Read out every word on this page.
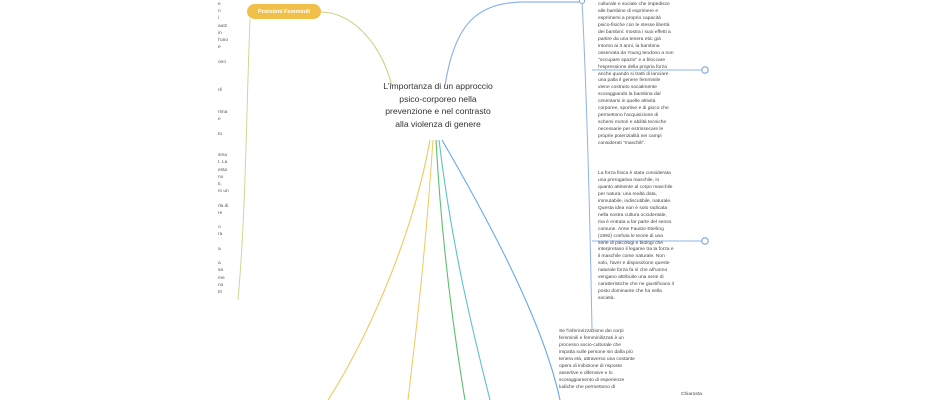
Posizioni Femminili
L'importanza di un approccio psico-corporeo nella prevenzione e nel contrasto alla violenza di genere
culturale e sociale che impedisce
alle bambine di esprimere e
esprimersi a proprio capacità
psico-fisiche con le stesse libertà
dei bambini: mostra i suoi effetti a
partire da una tenera età: già
intorno ai 3 anni, la bambina
osservata da Young tendono a non
"occupare spazio" e a bloccare
l'espressione della propria forza
anche quando si tratti di lanciare
una palla il genere femminile
viene costruito socialmente
scoraggiando la bambina dal
cimentarsi in quelle attività
corporee, sportive e di gioco che
permettono l'acquisizione di
schemi motori e abilità tecniche
necessarie per estrinsecare le
proprie potenzialità nei campi
considerati "maschili".
La forza fisica è stata considerata
una prerogativa maschile, in
quanto attinente al corpo maschile
per natura: una realtà data,
immutabile, indiscutibile, naturale.
Questa idea non è solo radicata
nella nostra cultura occidentale,
ma è entrata a far parte del senso
comune. Anne Fausto-Sterling
(1992) confuta le teorie di una
serie di psicologi e biologi che
interpretano il legame tra la forza e
il maschile come naturale. Non
solo, l'aver e disposizione queste
naturale forza fa sì che all'uomo
vengano attribuite una serie di
caratteristiche che ne giustificano il
posto dominante che ha nella
società.
Se l'inferiorizzazione dei corpi
femminili e femminilizzati è un
processo socio-culturale che
impatta sulle persone sin dalla più
tenera età, attraverso una costante
opera di inibizione di risposte
assertive e difensive e lo
scoraggiamento di esperienze
ludiche che permettono di
Chiarosta
e
n
i
autz
in
l'uno
e
ono
rli
rima
e
to
sma
t. La
esta
no
ti,
m un
rla di
re
o
ra
a
a
sa
me
no
tri
